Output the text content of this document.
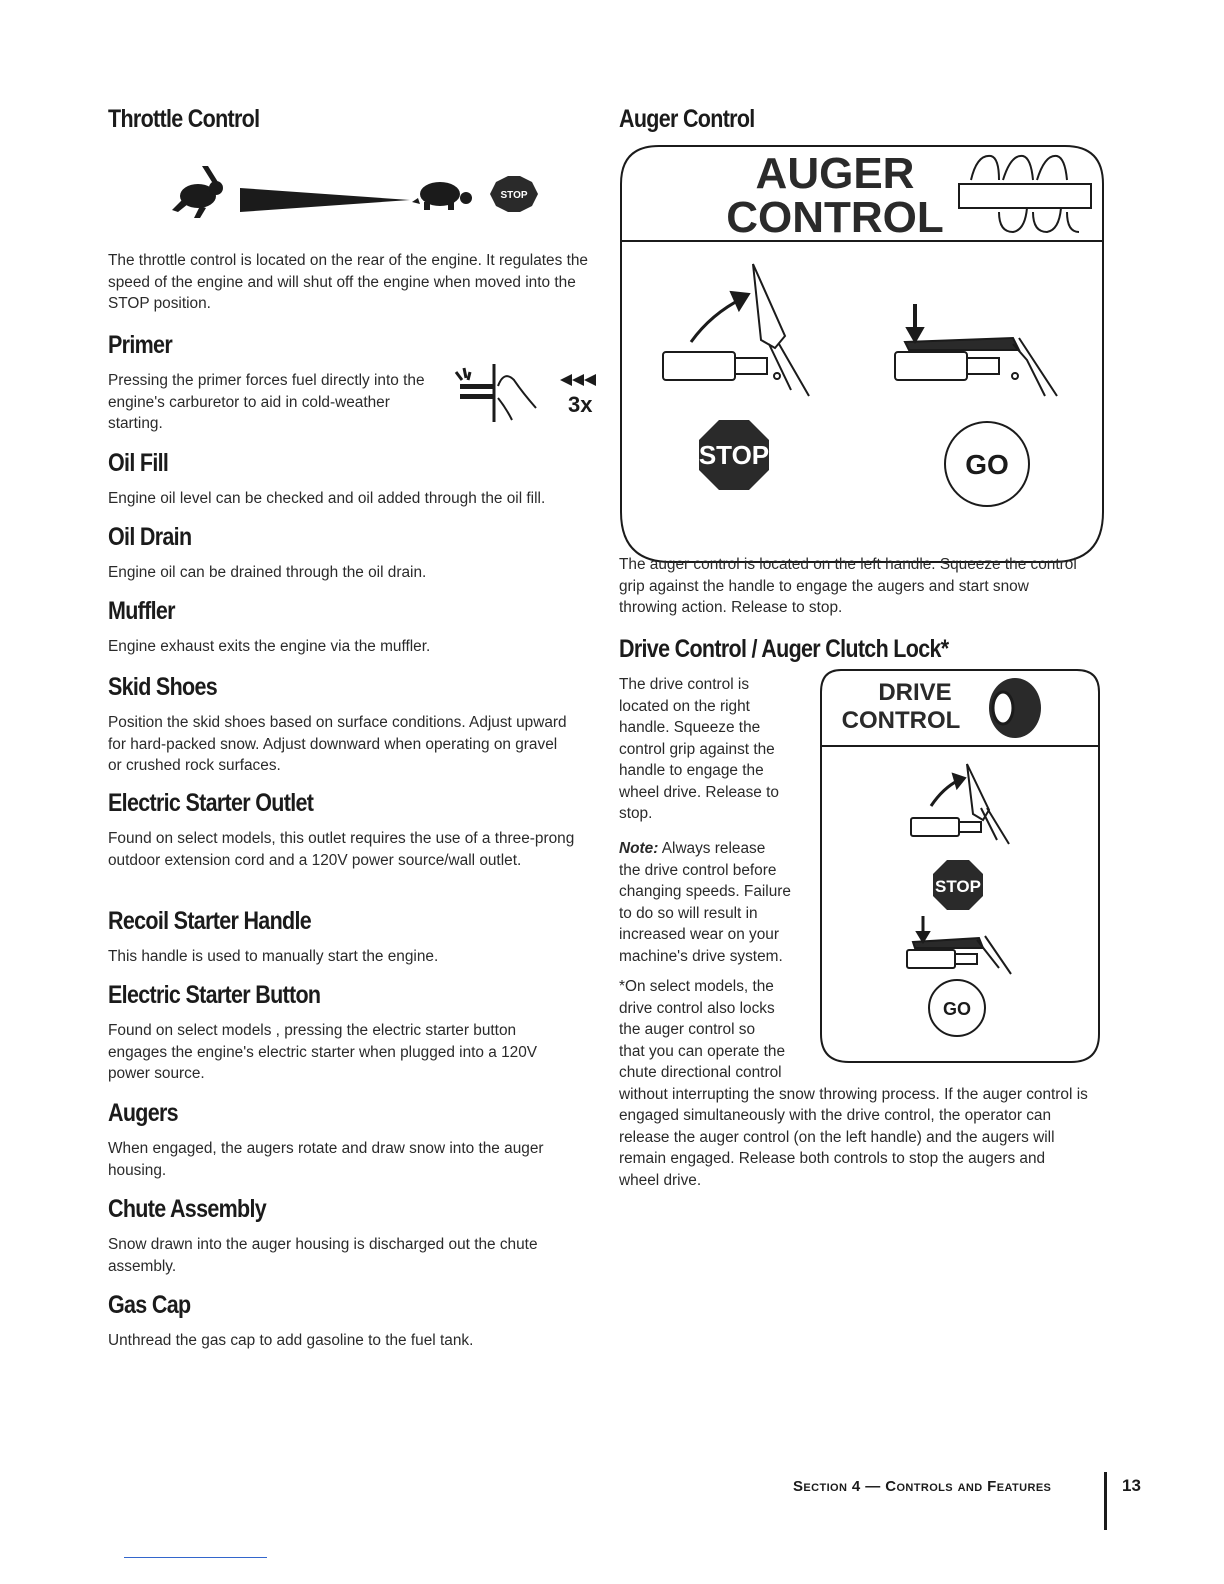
Throttle Control
STOP

The throttle control is located on the rear of the engine. It regulates the speed of the engine and will shut off the engine when moved into the STOP position.

Primer

Pressing the primer forces fuel directly into the engine's carburetor to aid in cold-weather starting.

3x
Oil Fill

Engine oil level can be checked and oil added through the oil fill.

Oil Drain

Engine oil can be drained through the oil drain.

Muffler

Engine exhaust exits the engine via the muffler.

Skid Shoes

Position the skid shoes based on surface conditions. Adjust upward for hard-packed snow. Adjust downward when operating on gravel or crushed rock surfaces.

Electric Starter Outlet

Found on select models, this outlet requires the use of a three-prong outdoor extension cord and a 120V power source/wall outlet.

Recoil Starter Handle

This handle is used to manually start the engine.

Electric Starter Button

Found on select models , pressing the electric starter button engages the engine's electric starter when plugged into a 120V power source.

Augers

When engaged, the augers rotate and draw snow into the auger housing.

Chute Assembly

Snow drawn into the auger housing is discharged out the chute assembly.

Gas Cap

Unthread the gas cap to add gasoline to the fuel tank.

Auger Control
AUGER
CONTROL
STOP	GO

The auger control is located on the left handle. Squeeze the control grip against the handle to engage the augers and start snow throwing action. Release to stop.

Drive Control / Auger Clutch Lock*
DRIVE
CONTROL
STOP
GO

The drive control is
located on the right
handle. Squeeze the
control grip against the
handle to engage the
wheel drive. Release to
stop.

Note: Always release
the drive control before
changing speeds. Failure
to do so will result in
increased wear on your
machine's drive system.

*On select models, the
drive control also locks
the auger control so
that you can operate the
chute directional control
without interrupting the snow throwing process. If the auger control is engaged simultaneously with the drive control, the operator can release the auger control (on the left handle) and the augers will remain engaged. Release both controls to stop the augers and wheel drive.

Section 4 — Controls and Features	13
